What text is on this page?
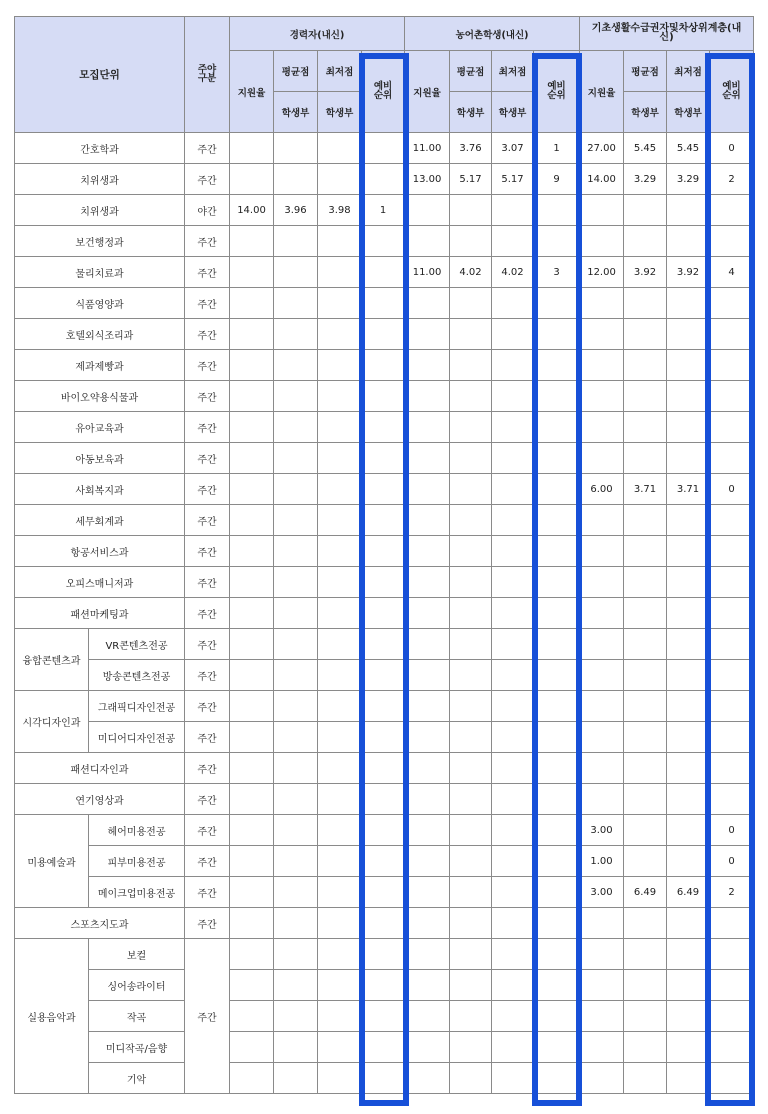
모집단위		주야구분	경력자(내신)				농어촌학생(내신)				기초생활수급권자및차상위계층(내신)			
			지원율	평균점	최저점	예비순위	지원율	평균점	최저점	예비순위	지원율	평균점	최저점	예비순위
				학생부	학생부			학생부	학생부			학생부	학생부	
간호학과		주간					11.00	3.76	3.07	1	27.00	5.45	5.45	0
치위생과		주간					13.00	5.17	5.17	9	14.00	3.29	3.29	2
치위생과		야간	14.00	3.96	3.98	1								
보건행정과		주간												
물리치료과		주간					11.00	4.02	4.02	3	12.00	3.92	3.92	4
식품영양과		주간												
호텔외식조리과		주간												
제과제빵과		주간												
바이오약용식물과		주간												
유아교육과		주간												
아동보육과		주간												
사회복지과		주간									6.00	3.71	3.71	0
세무회계과		주간												
항공서비스과		주간												
오피스매니저과		주간												
패션마케팅과		주간												
융합콘텐츠과	VR콘텐츠전공	주간												
	방송콘텐츠전공	주간												
시각디자인과	그래픽디자인전공	주간												
	미디어디자인전공	주간												
패션디자인과		주간												
연기영상과		주간												
미용예술과	헤어미용전공	주간									3.00			0
	피부미용전공	주간									1.00			0
	메이크업미용전공	주간									3.00	6.49	6.49	2
스포츠지도과		주간												
실용음악과	보컬	주간												
	싱어송라이터													
	작곡													
	미디작곡/음향													
	기악													
